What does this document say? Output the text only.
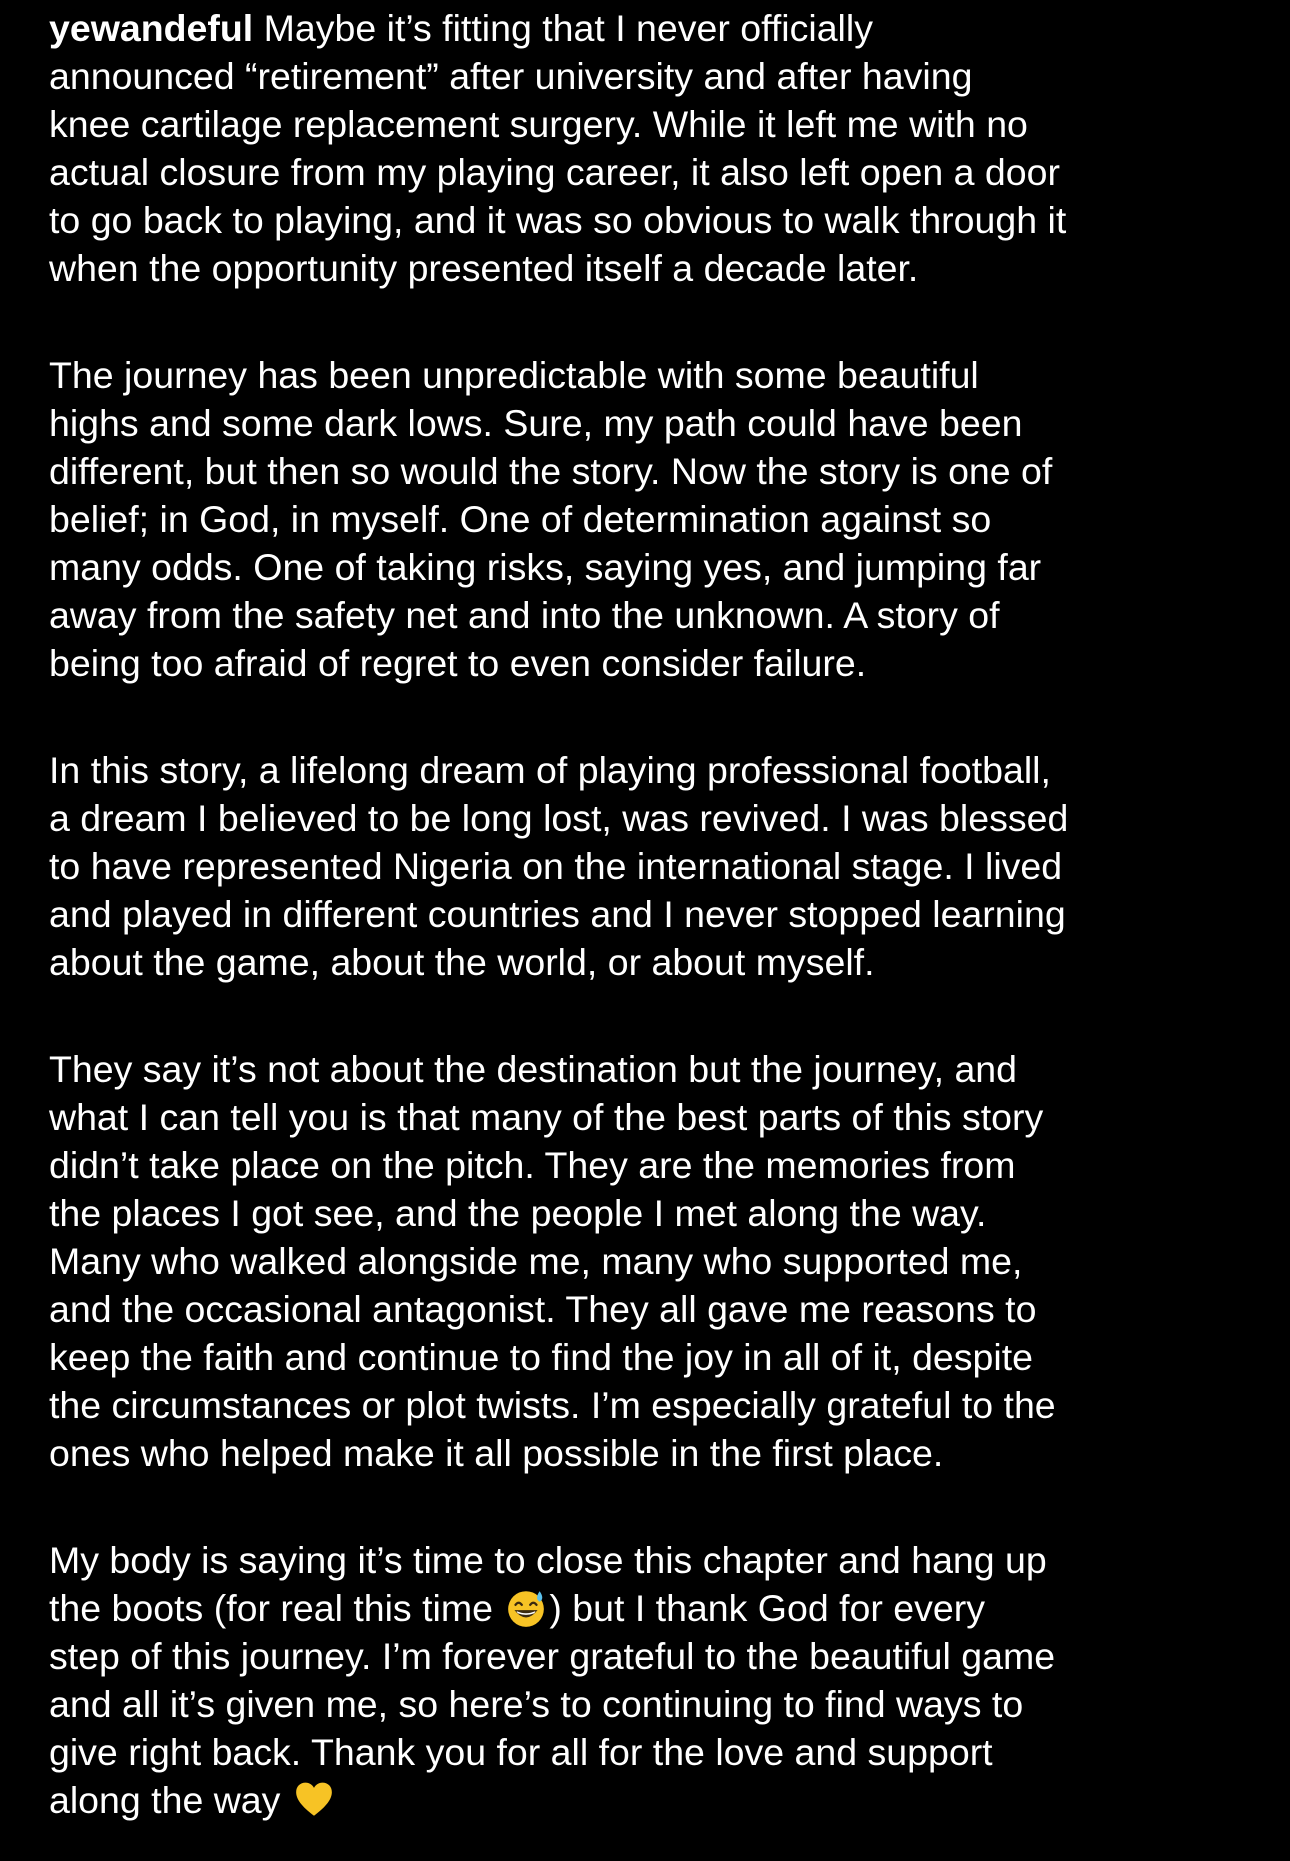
yewandeful Maybe it’s fitting that I never officially
announced “retirement” after university and after having
knee cartilage replacement surgery. While it left me with no
actual closure from my playing career, it also left open a door
to go back to playing, and it was so obvious to walk through it
when the opportunity presented itself a decade later.

The journey has been unpredictable with some beautiful
highs and some dark lows. Sure, my path could have been
different, but then so would the story. Now the story is one of
belief; in God, in myself. One of determination against so
many odds. One of taking risks, saying yes, and jumping far
away from the safety net and into the unknown. A story of
being too afraid of regret to even consider failure.

In this story, a lifelong dream of playing professional football,
a dream I believed to be long lost, was revived. I was blessed
to have represented Nigeria on the international stage. I lived
and played in different countries and I never stopped learning
about the game, about the world, or about myself.

They say it’s not about the destination but the journey, and
what I can tell you is that many of the best parts of this story
didn’t take place on the pitch. They are the memories from
the places I got see, and the people I met along the way.
Many who walked alongside me, many who supported me,
and the occasional antagonist. They all gave me reasons to
keep the faith and continue to find the joy in all of it, despite
the circumstances or plot twists. I’m especially grateful to the
ones who helped make it all possible in the first place.

My body is saying it’s time to close this chapter and hang up
the boots (for real this time ) but I thank God for every
step of this journey. I’m forever grateful to the beautiful game
and all it’s given me, so here’s to continuing to find ways to
give right back. Thank you for all for the love and support
along the way
